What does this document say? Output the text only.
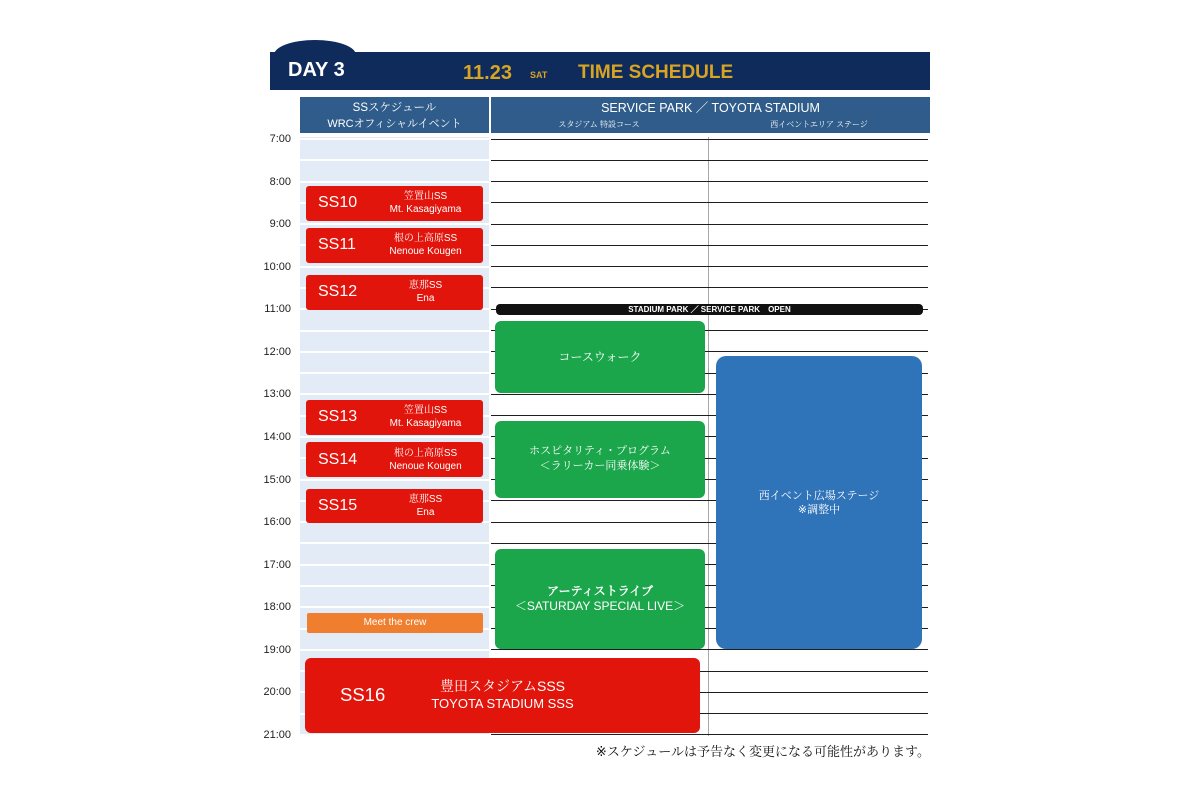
DAY 3	11.23 SAT TIME SCHEDULE
SSスケジュール
WRCオフィシャルイベント
SERVICE PARK ／ TOYOTA STADIUM
スタジアム 特設コース	西イベントエリア ステージ
7:00
8:00
9:00
10:00
11:00
12:00
13:00
14:00
15:00
16:00
17:00
18:00
19:00
20:00
21:00
SS10	笠置山SS
Mt. Kasagiyama
SS11	根の上高原SS
Nenoue Kougen
SS12	恵那SS
Ena
SS13	笠置山SS
Mt. Kasagiyama
SS14	根の上高原SS
Nenoue Kougen
SS15	恵那SS
Ena
Meet the crew
SS16	豊田スタジアムSSS
TOYOTA STADIUM SSS
STADIUM PARK ／ SERVICE PARK　OPEN
コースウォーク
ホスピタリティ・プログラム
＜ラリーカー同乗体験＞
アーティストライブ
＜SATURDAY SPECIAL LIVE＞
西イベント広場ステージ
※調整中
※スケジュールは予告なく変更になる可能性があります。
